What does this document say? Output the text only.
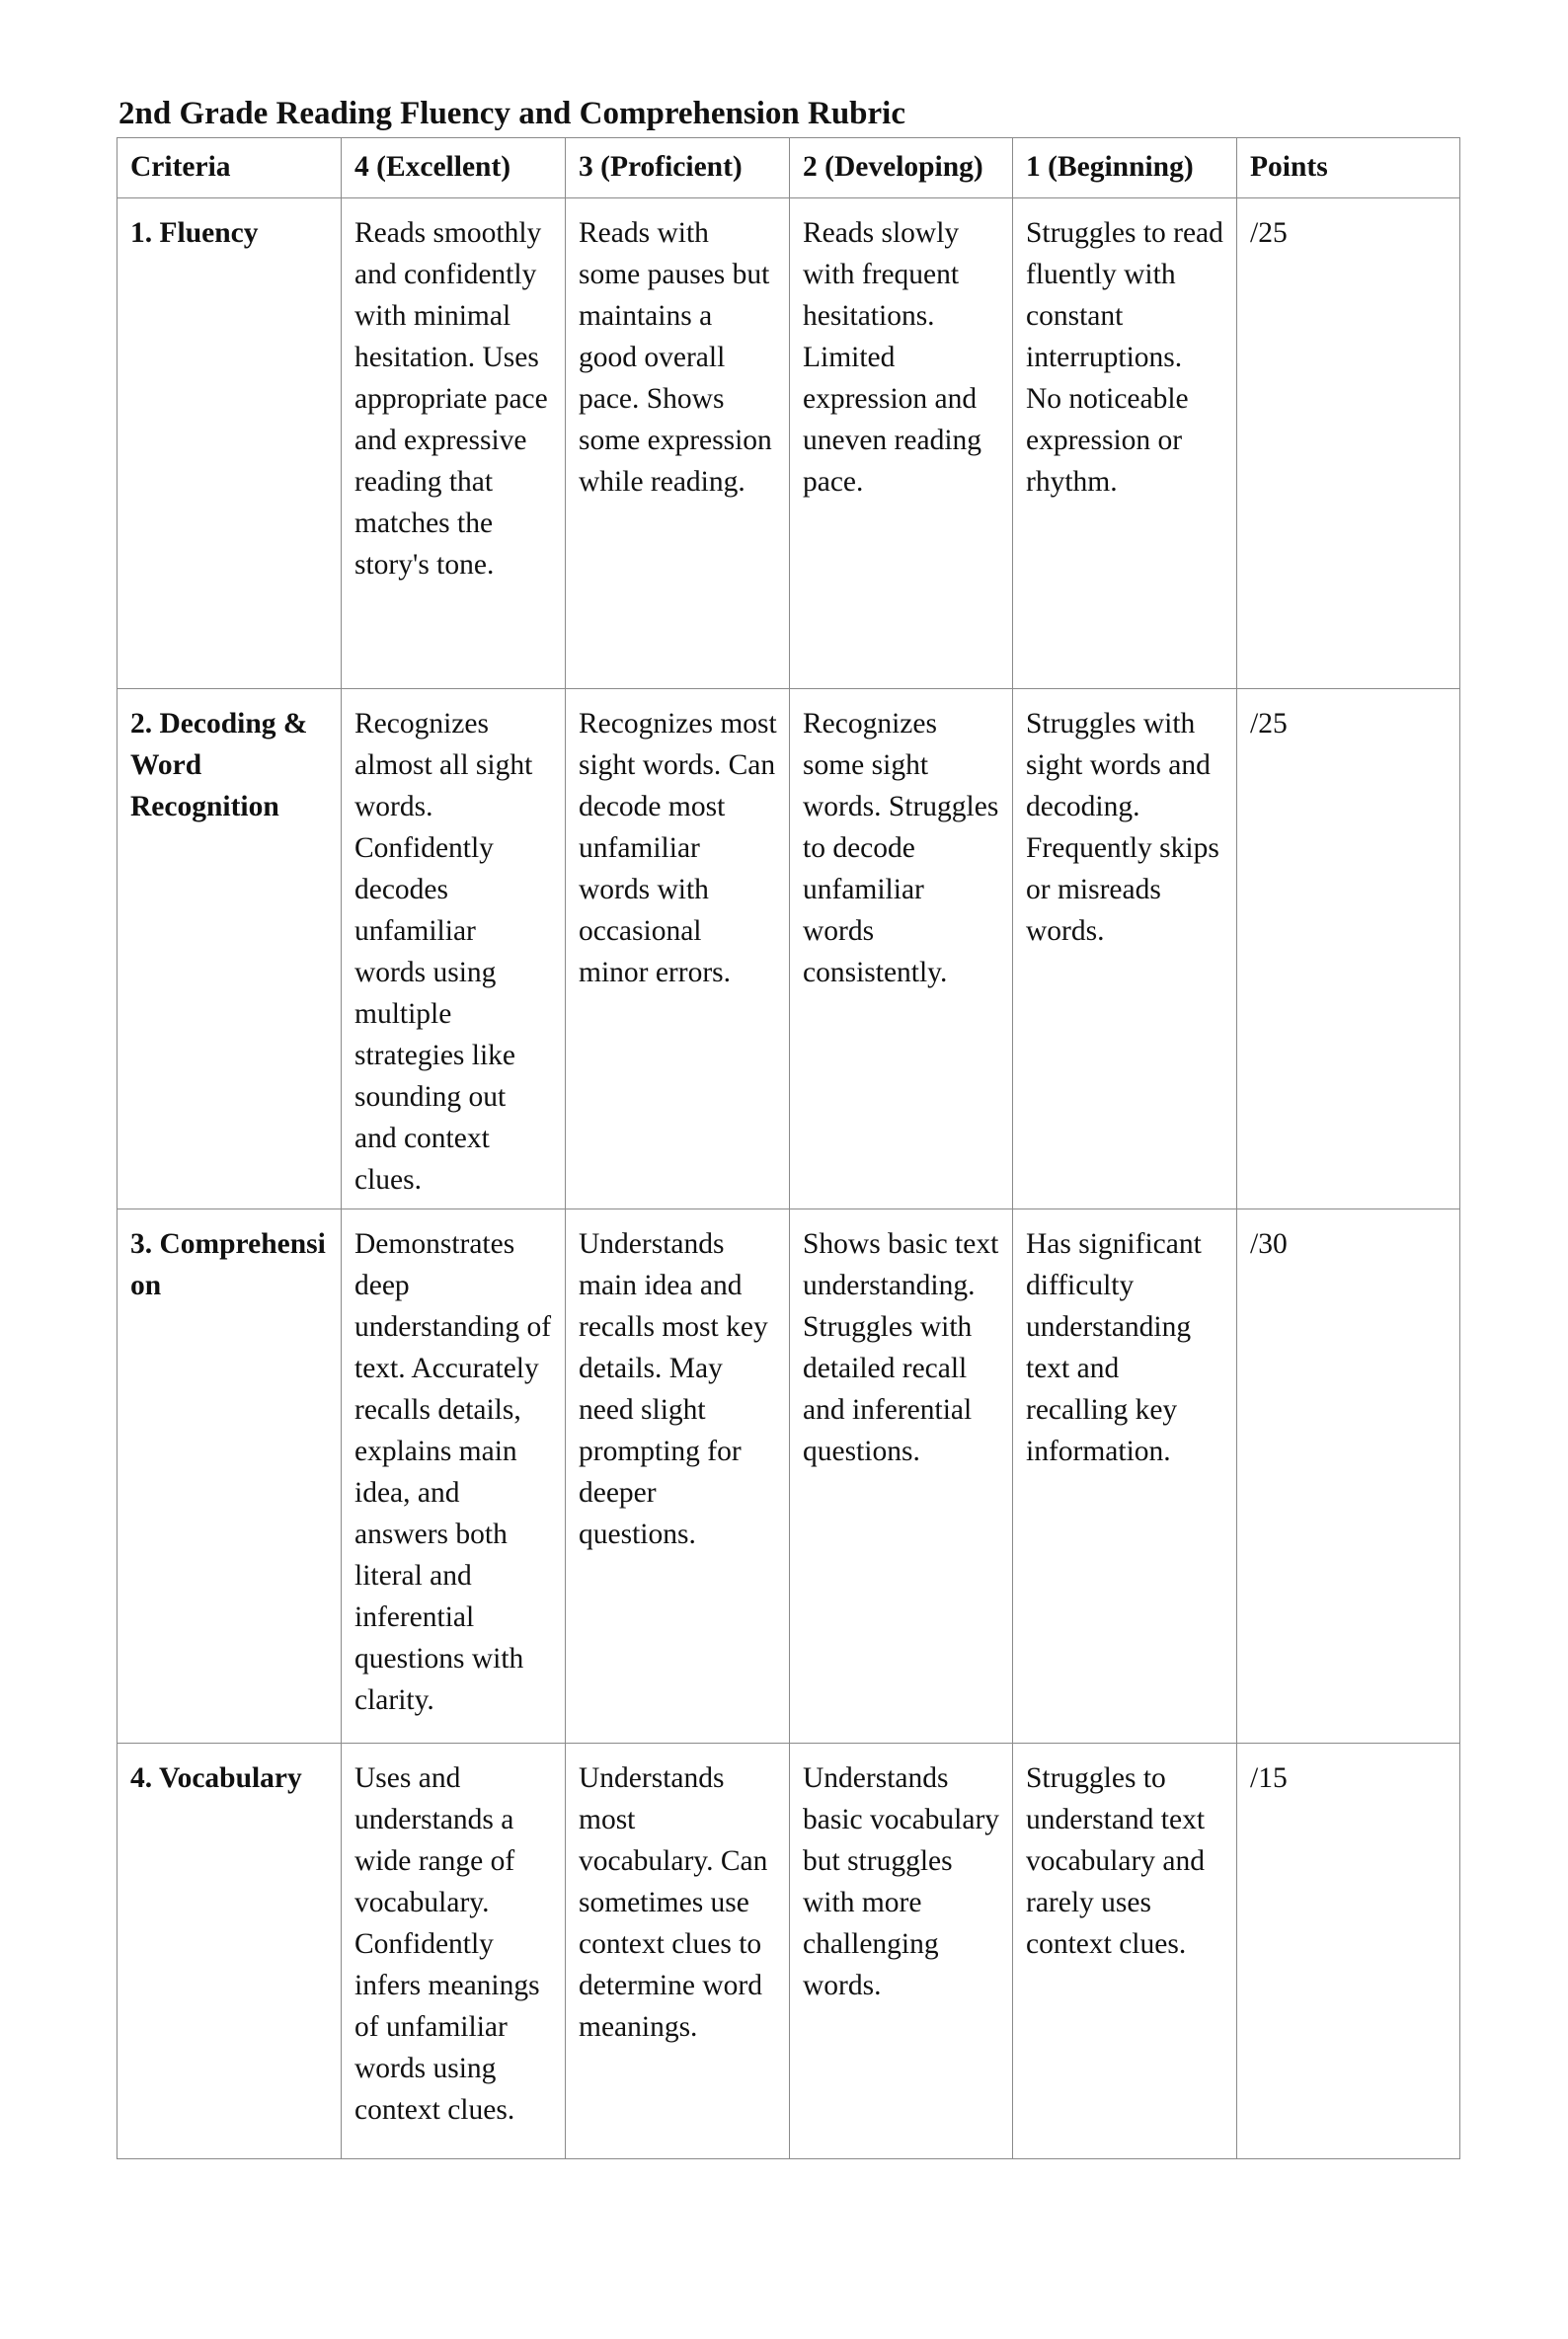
2nd Grade Reading Fluency and Comprehension Rubric
Criteria	4 (Excellent)	3 (Proficient)	2 (Developing)	1 (Beginning)	Points
1. Fluency	Reads smoothly and confidently with minimal hesitation. Uses appropriate pace and expressive reading that matches the story's tone.	Reads with some pauses but maintains a good overall pace. Shows some expression while reading.	Reads slowly with frequent hesitations. Limited expression and uneven reading pace.	Struggles to read fluently with constant interruptions. No noticeable expression or rhythm.	/25
2. Decoding & Word Recognition	Recognizes almost all sight words. Confidently decodes unfamiliar words using multiple strategies like sounding out and context clues.	Recognizes most sight words. Can decode most unfamiliar words with occasional minor errors.	Recognizes some sight words. Struggles to decode unfamiliar words consistently.	Struggles with sight words and decoding. Frequently skips or misreads words.	/25
3. Comprehension	Demonstrates deep understanding of text. Accurately recalls details, explains main idea, and answers both literal and inferential questions with clarity.	Understands main idea and recalls most key details. May need slight prompting for deeper questions.	Shows basic text understanding. Struggles with detailed recall and inferential questions.	Has significant difficulty understanding text and recalling key information.	/30
4. Vocabulary	Uses and understands a wide range of vocabulary. Confidently infers meanings of unfamiliar words using context clues.	Understands most vocabulary. Can sometimes use context clues to determine word meanings.	Understands basic vocabulary but struggles with more challenging words.	Struggles to understand text vocabulary and rarely uses context clues.	/15
